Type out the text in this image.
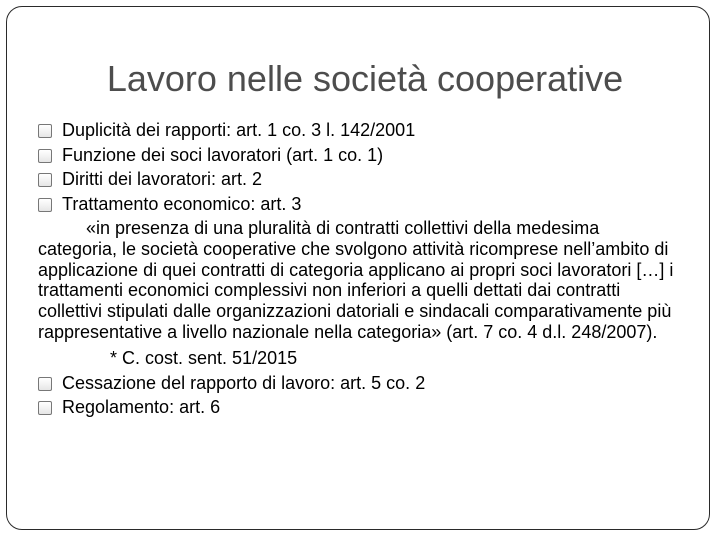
Lavoro nelle società cooperative
Duplicità dei rapporti: art. 1 co. 3 l. 142/2001
Funzione dei soci lavoratori (art. 1 co. 1)
Diritti dei lavoratori: art. 2
Trattamento economico: art. 3
«in presenza di una pluralità di contratti collettivi della medesima categoria, le società cooperative che svolgono attività ricomprese nell’ambito di applicazione di quei contratti di categoria applicano ai propri soci lavoratori […] i trattamenti economici complessivi non inferiori a quelli dettati dai contratti collettivi stipulati dalle organizzazioni datoriali e sindacali comparativamente più rappresentative a livello nazionale nella categoria» (art. 7 co. 4 d.l. 248/2007).
* C. cost. sent. 51/2015
Cessazione del rapporto di lavoro: art. 5 co. 2
Regolamento: art. 6
